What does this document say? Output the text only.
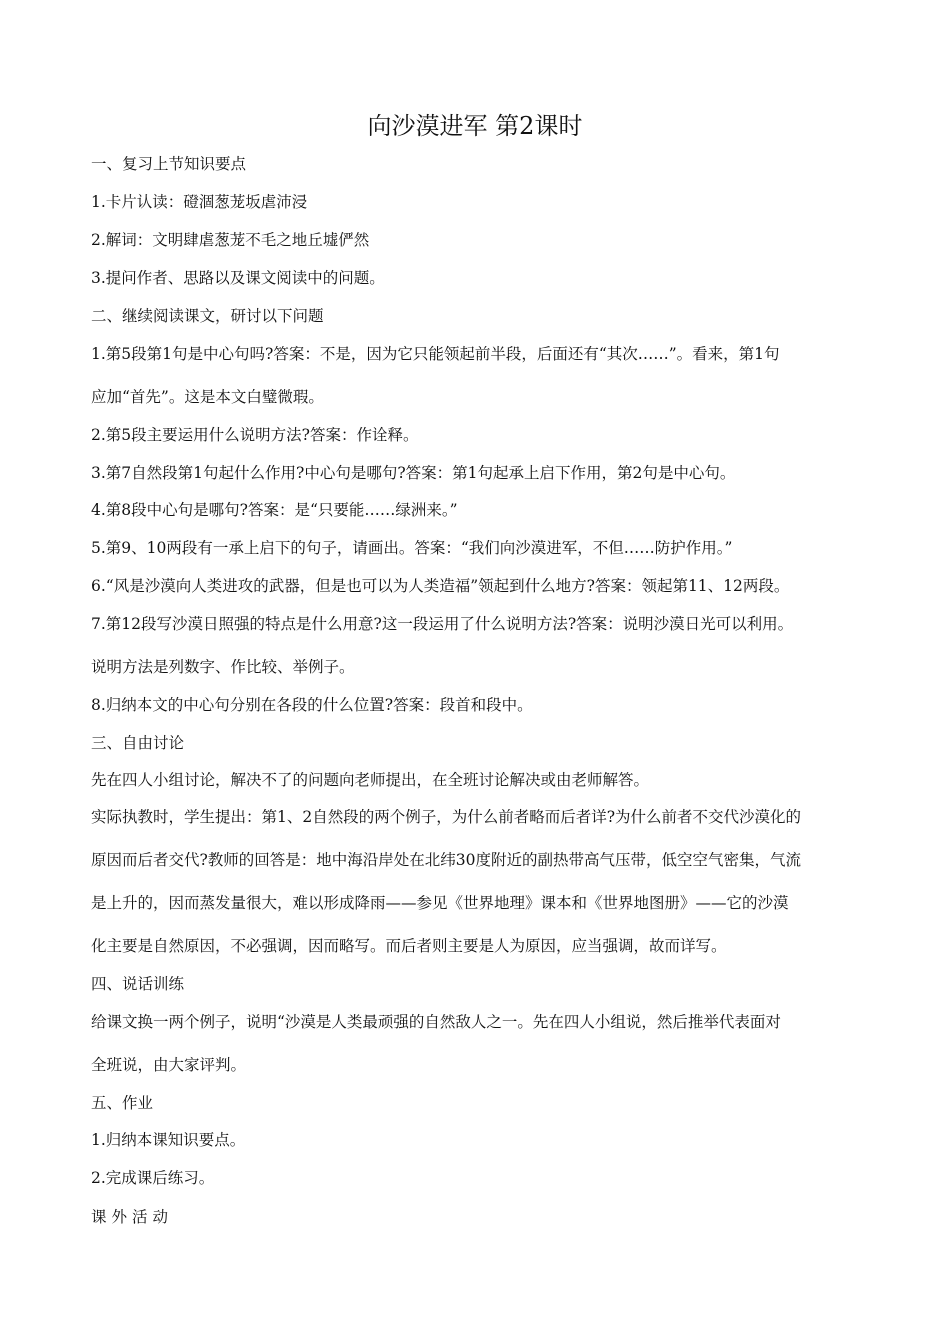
向沙漠进军 第2课时
一、复习上节知识要点
1.卡片认读：磴涸葱茏坂虐沛浸
2.解词：文明肆虐葱茏不毛之地丘墟俨然
3.提问作者、思路以及课文阅读中的问题。
二、继续阅读课文，研讨以下问题
1.第5段第1句是中心句吗?答案：不是，因为它只能领起前半段，后面还有“其次……”。看来，第1句
应加“首先”。这是本文白璧微瑕。
2.第5段主要运用什么说明方法?答案：作诠释。
3.第7自然段第1句起什么作用?中心句是哪句?答案：第1句起承上启下作用，第2句是中心句。
4.第8段中心句是哪句?答案：是“只要能……绿洲来。”
5.第9、10两段有一承上启下的句子，请画出。答案：“我们向沙漠进军，不但……防护作用。”
6.“风是沙漠向人类进攻的武器，但是也可以为人类造福”领起到什么地方?答案：领起第11、12两段。
7.第12段写沙漠日照强的特点是什么用意?这一段运用了什么说明方法?答案：说明沙漠日光可以利用。
说明方法是列数字、作比较、举例子。
8.归纳本文的中心句分别在各段的什么位置?答案：段首和段中。
三、自由讨论
先在四人小组讨论，解决不了的问题向老师提出，在全班讨论解决或由老师解答。
实际执教时，学生提出：第1、2自然段的两个例子，为什么前者略而后者详?为什么前者不交代沙漠化的
原因而后者交代?教师的回答是：地中海沿岸处在北纬30度附近的副热带高气压带，低空空气密集，气流
是上升的，因而蒸发量很大，难以形成降雨——参见《世界地理》课本和《世界地图册》——它的沙漠
化主要是自然原因，不必强调，因而略写。而后者则主要是人为原因，应当强调，故而详写。
四、说话训练
给课文换一两个例子，说明“沙漠是人类最顽强的自然敌人之一。先在四人小组说，然后推举代表面对
全班说，由大家评判。
五、作业
1.归纳本课知识要点。
2.完成课后练习。
课外活动
